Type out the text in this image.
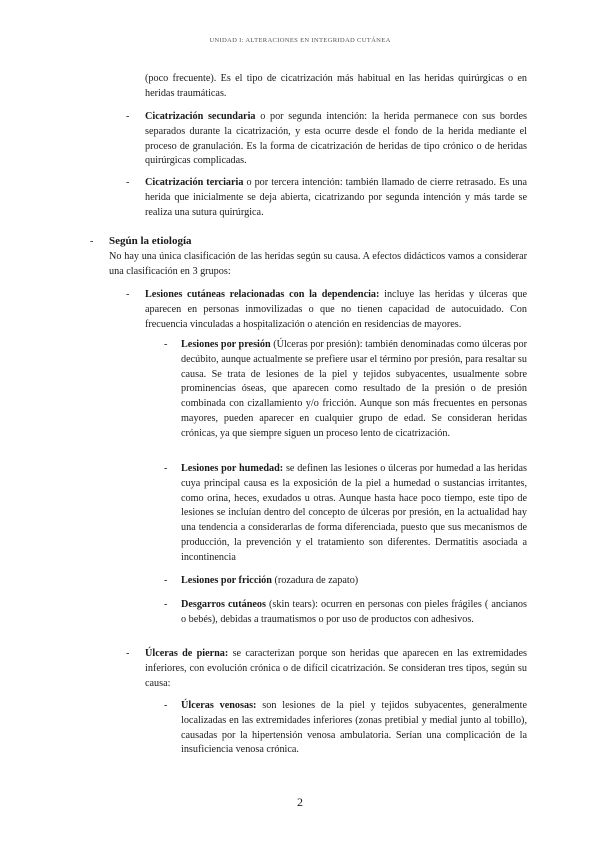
UNIDAD I: ALTERACIONES EN INTEGRIDAD CUTÁNEA
(poco frecuente). Es el tipo de cicatrización más habitual en las heridas quirúrgicas o en heridas traumáticas.
- Cicatrización secundaria o por segunda intención: la herida permanece con sus bordes separados durante la cicatrización, y esta ocurre desde el fondo de la herida mediante el proceso de granulación. Es la forma de cicatrización de heridas de tipo crónico o de heridas quirúrgicas complicadas.
- Cicatrización terciaria o por tercera intención: también llamado de cierre retrasado. Es una herida que inicialmente se deja abierta, cicatrizando por segunda intención y más tarde se realiza una sutura quirúrgica.
- Según la etiología
No hay una única clasificación de las heridas según su causa. A efectos didácticos vamos a considerar una clasificación en 3 grupos:
- Lesiones cutáneas relacionadas con la dependencia: incluye las heridas y úlceras que aparecen en personas inmovilizadas o que no tienen capacidad de autocuidado. Con frecuencia vinculadas a hospitalización o atención en residencias de mayores.
- Lesiones por presión (Úlceras por presión): también denominadas como úlceras por decúbito, aunque actualmente se prefiere usar el término por presión, para resaltar su causa. Se trata de lesiones de la piel y tejidos subyacentes, usualmente sobre prominencias óseas, que aparecen como resultado de la presión o de presión combinada con cizallamiento y/o fricción. Aunque son más frecuentes en personas mayores, pueden aparecer en cualquier grupo de edad. Se consideran heridas crónicas, ya que siempre siguen un proceso lento de cicatrización.
- Lesiones por humedad: se definen las lesiones o úlceras por humedad a las heridas cuya principal causa es la exposición de la piel a humedad o sustancias irritantes, como orina, heces, exudados u otras. Aunque hasta hace poco tiempo, este tipo de lesiones se incluían dentro del concepto de úlceras por presión, en la actualidad hay una tendencia a considerarlas de forma diferenciada, puesto que sus mecanismos de producción, la prevención y el tratamiento son diferentes. Dermatitis asociada a incontinencia
- Lesiones por fricción (rozadura de zapato)
- Desgarros cutáneos (skin tears): ocurren en personas con pieles frágiles ( ancianos o bebés), debidas a traumatismos o por uso de productos con adhesivos.
- Úlceras de pierna: se caracterizan porque son heridas que aparecen en las extremidades inferiores, con evolución crónica o de difícil cicatrización. Se consideran tres tipos, según su causa:
- Úlceras venosas: son lesiones de la piel y tejidos subyacentes, generalmente localizadas en las extremidades inferiores (zonas pretibial y medial junto al tobillo), causadas por la hipertensión venosa ambulatoria. Serían una complicación de la insuficiencia venosa crónica.
2
